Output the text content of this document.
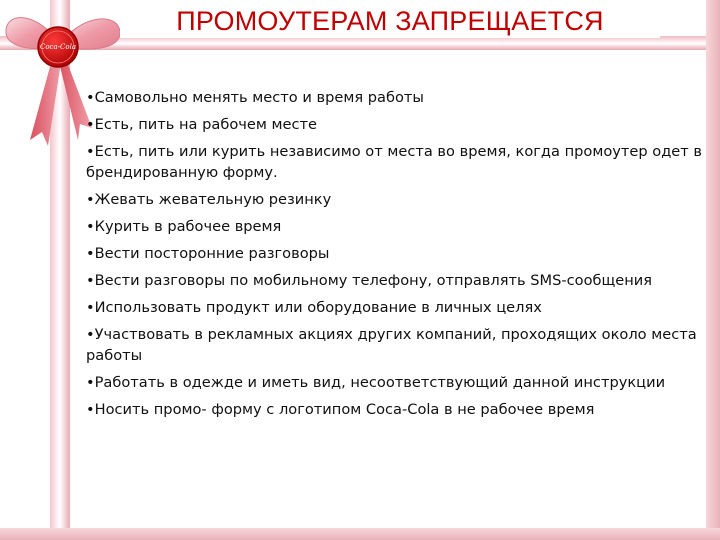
Coca-Cola
ПРОМОУТЕРАМ ЗАПРЕЩАЕТСЯ
•Самовольно менять место и время работы
•Есть, пить на рабочем месте
•Есть, пить или курить независимо от места во время, когда промоутер одет в брендированную форму.
•Жевать жевательную резинку
•Курить в рабочее время
•Вести посторонние разговоры
•Вести разговоры по мобильному телефону, отправлять SMS-сообщения
•Использовать продукт или оборудование в личных целях
•Участвовать в рекламных акциях других компаний, проходящих около места работы
•Работать в одежде и иметь вид, несоответствующий данной инструкции
•Носить промо- форму с логотипом Coca-Cola в не рабочее время
